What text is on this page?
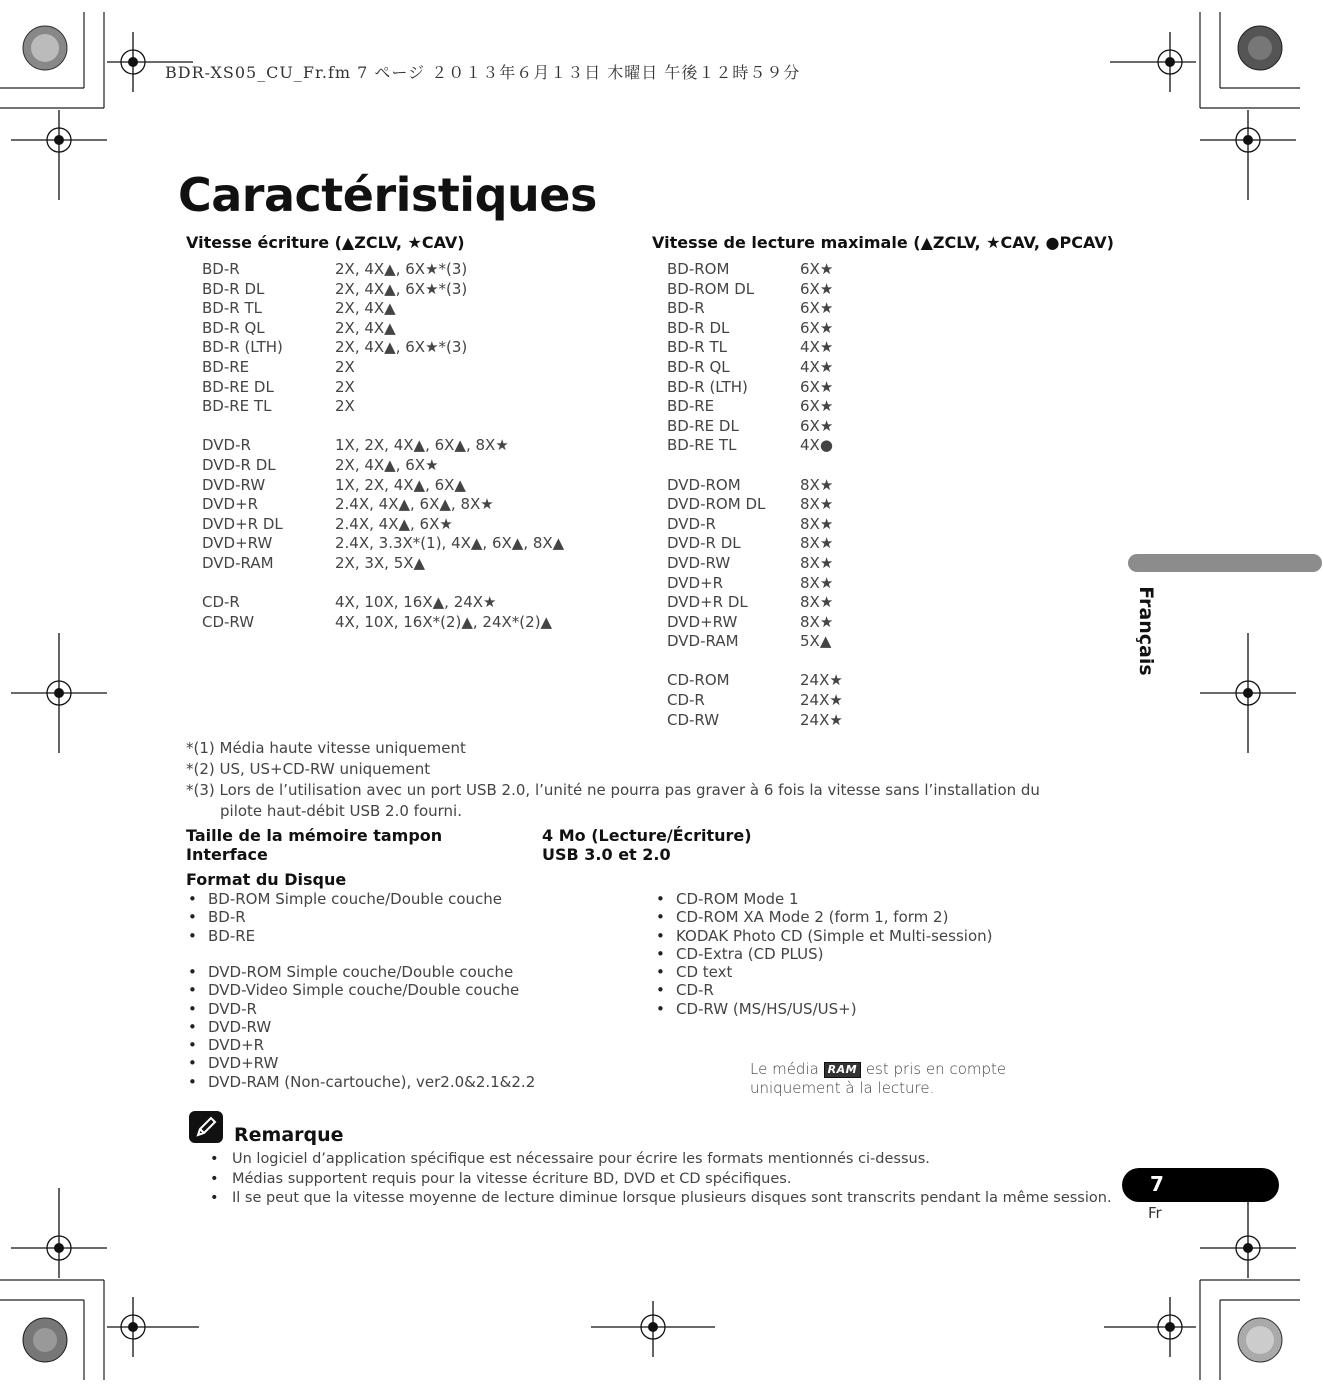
BDR-XS05_CU_Fr.fm 7 ページ ２０１３年６月１３日 木曜日 午後１２時５９分
Caractéristiques
Vitesse écriture (▲ZCLV, ★CAV)
BD-R	2X, 4X▲, 6X★*(3)
BD-R DL	2X, 4X▲, 6X★*(3)
BD-R TL	2X, 4X▲
BD-R QL	2X, 4X▲
BD-R (LTH)	2X, 4X▲, 6X★*(3)
BD-RE	2X
BD-RE DL	2X
BD-RE TL	2X

DVD-R	1X, 2X, 4X▲, 6X▲, 8X★
DVD-R DL	2X, 4X▲, 6X★
DVD-RW	1X, 2X, 4X▲, 6X▲
DVD+R	2.4X, 4X▲, 6X▲, 8X★
DVD+R DL	2.4X, 4X▲, 6X★
DVD+RW	2.4X, 3.3X*(1), 4X▲, 6X▲, 8X▲
DVD-RAM	2X, 3X, 5X▲

CD-R	4X, 10X, 16X▲, 24X★
CD-RW	4X, 10X, 16X*(2)▲, 24X*(2)▲
Vitesse de lecture maximale (▲ZCLV, ★CAV, ●PCAV)
BD-ROM	6X★
BD-ROM DL	6X★
BD-R	6X★
BD-R DL	6X★
BD-R TL	4X★
BD-R QL	4X★
BD-R (LTH)	6X★
BD-RE	6X★
BD-RE DL	6X★
BD-RE TL	4X●

DVD-ROM	8X★
DVD-ROM DL	8X★
DVD-R	8X★
DVD-R DL	8X★
DVD-RW	8X★
DVD+R	8X★
DVD+R DL	8X★
DVD+RW	8X★
DVD-RAM	5X▲

CD-ROM	24X★
CD-R	24X★
CD-RW	24X★
*(1) Média haute vitesse uniquement
*(2) US, US+CD-RW uniquement
*(3) Lors de l’utilisation avec un port USB 2.0, l’unité ne pourra pas graver à 6 fois la vitesse sans l’installation du
pilote haut-débit USB 2.0 fourni.
Taille de la mémoire tampon	4 Mo (Lecture/Écriture)
Interface	USB 3.0 et 2.0
Format du Disque
• BD-ROM Simple couche/Double couche
• BD-R
• BD-RE
• DVD-ROM Simple couche/Double couche
• DVD-Video Simple couche/Double couche
• DVD-R
• DVD-RW
• DVD+R
• DVD+RW
• DVD-RAM (Non-cartouche), ver2.0&2.1&2.2
• CD-ROM Mode 1
• CD-ROM XA Mode 2 (form 1, form 2)
• KODAK Photo CD (Simple et Multi-session)
• CD-Extra (CD PLUS)
• CD text
• CD-R
• CD-RW (MS/HS/US/US+)
Le média RAM est pris en compte
uniquement à la lecture.
Remarque
• Un logiciel d’application spécifique est nécessaire pour écrire les formats mentionnés ci-dessus.
• Médias supportent requis pour la vitesse écriture BD, DVD et CD spécifiques.
• Il se peut que la vitesse moyenne de lecture diminue lorsque plusieurs disques sont transcrits pendant la même session.
Français
7
Fr
